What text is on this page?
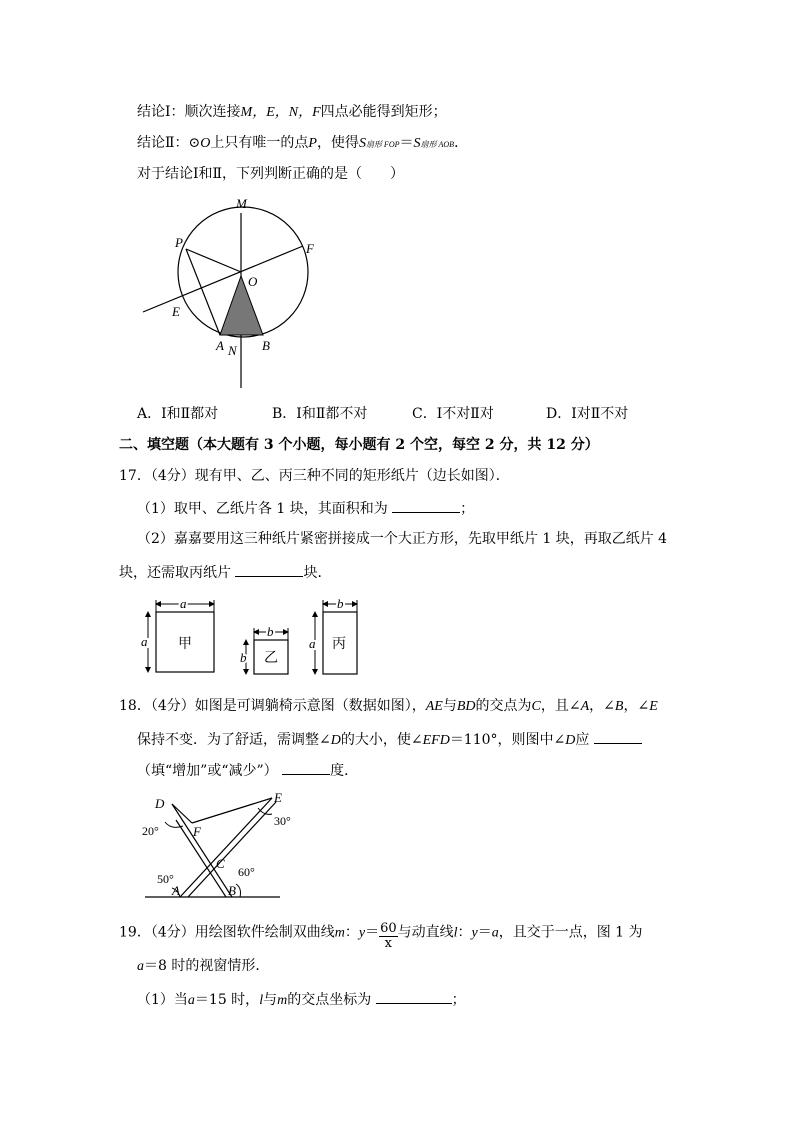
结论Ⅰ：顺次连接M，E，N，F四点必能得到矩形；
结论Ⅱ：⊙O上只有唯一的点P，使得S扇形 FOP＝S扇形 AOB．
对于结论Ⅰ和Ⅱ，下列判断正确的是（　　）
M
P	F
O
E
A N B
A．Ⅰ和Ⅱ都对	B．Ⅰ和Ⅱ都不对	C．Ⅰ不对Ⅱ对	D．Ⅰ对Ⅱ不对
二、填空题（本大题有 3 个小题，每小题有 2 个空，每空 2 分，共 12 分）
17．（4分）现有甲、乙、丙三种不同的矩形纸片（边长如图）．
（1）取甲、乙纸片各 1 块，其面积和为	；
（2）嘉嘉要用这三种纸片紧密拼接成一个大正方形，先取甲纸片 1 块，再取乙纸片 4
块，还需取丙纸片	块．
a
a 甲
b
b 乙
b
a 丙
18．（4分）如图是可调躺椅示意图（数据如图），AE与BD的交点为C，且∠A，∠B，∠E
保持不变．为了舒适，需调整∠D的大小，使∠EFD＝110°，则图中∠D应
（填“增加”或“减少”）	度．
D	E
F
C
A	B
20°
30°
50°	60°
19．（4分）用绘图软件绘制双曲线m：$y= \frac{60}{x}$ 与动直线l：y＝a，且交于一点，图 1 为
a＝8 时的视窗情形．
（1）当a＝15 时，l与m的交点坐标为	；
